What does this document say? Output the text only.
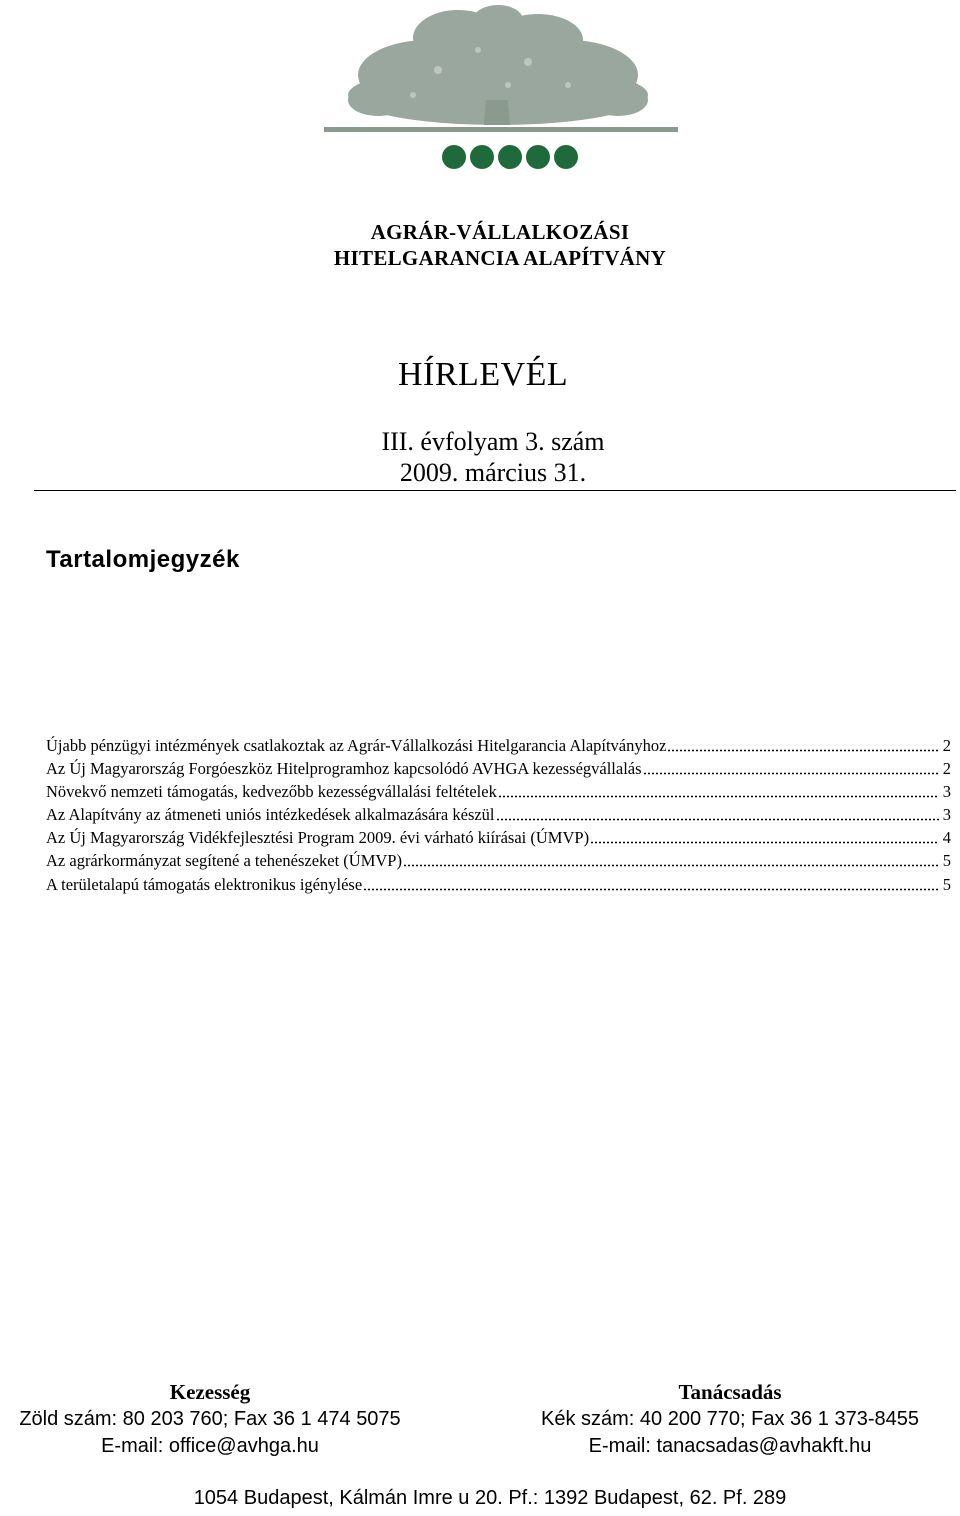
AGRÁR-VÁLLALKOZÁSI
HITELGARANCIA ALAPÍTVÁNY
HÍRLEVÉL
III. évfolyam 3. szám
2009. március 31.
Tartalomjegyzék
Újabb pénzügyi intézmények csatlakoztak az Agrár-Vállalkozási Hitelgarancia Alapítványhoz	2
Az Új Magyarország Forgóeszköz Hitelprogramhoz kapcsolódó AVHGA kezességvállalás	2
Növekvő nemzeti támogatás, kedvezőbb kezességvállalási feltételek	3
Az Alapítvány az átmeneti uniós intézkedések alkalmazására készül	3
Az Új Magyarország Vidékfejlesztési Program 2009. évi várható kiírásai (ÚMVP)	4
Az agrárkormányzat segítené a tehenészeket (ÚMVP)	5
A területalapú támogatás elektronikus igénylése	5
Kezesség
Zöld szám: 80 203 760; Fax 36 1 474 5075
E-mail: office@avhga.hu
Tanácsadás
Kék szám: 40 200 770; Fax 36 1 373-8455
E-mail: tanacsadas@avhakft.hu
1054 Budapest, Kálmán Imre u 20. Pf.: 1392 Budapest, 62. Pf. 289
